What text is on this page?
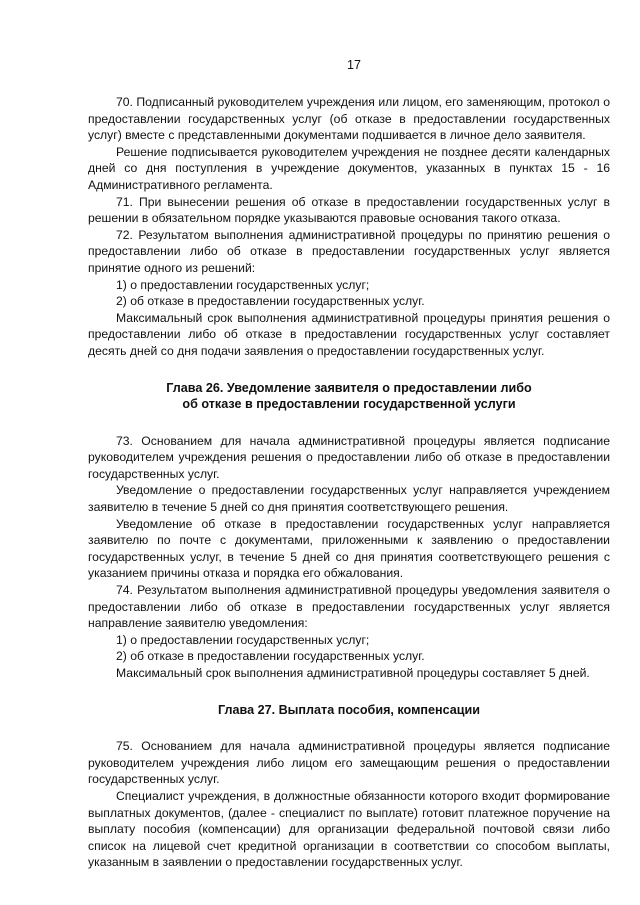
17

70. Подписанный руководителем учреждения или лицом, его заменяющим, протокол о предоставлении государственных услуг (об отказе в предоставлении государственных услуг) вместе с представленными документами подшивается в личное дело заявителя.

Решение подписывается руководителем учреждения не позднее десяти календарных дней со дня поступления в учреждение документов, указанных в пунктах 15 - 16 Административного регламента.

71. При вынесении решения об отказе в предоставлении государственных услуг в решении в обязательном порядке указываются правовые основания такого отказа.

72. Результатом выполнения административной процедуры по принятию решения о предоставлении либо об отказе в предоставлении государственных услуг является принятие одного из решений:

1) о предоставлении государственных услуг;

2) об отказе в предоставлении государственных услуг.

Максимальный срок выполнения административной процедуры принятия решения о предоставлении либо об отказе в предоставлении государственных услуг составляет десять дней со дня подачи заявления о предоставлении государственных услуг.

Глава 26. Уведомление заявителя о предоставлении либо
об отказе в предоставлении государственной услуги

73. Основанием для начала административной процедуры является подписание руководителем учреждения решения о предоставлении либо об отказе в предоставлении государственных услуг.

Уведомление о предоставлении государственных услуг направляется учреждением заявителю в течение 5 дней со дня принятия соответствующего решения.

Уведомление об отказе в предоставлении государственных услуг направляется заявителю по почте с документами, приложенными к заявлению о предоставлении государственных услуг, в течение 5 дней со дня принятия соответствующего решения с указанием причины отказа и порядка его обжалования.

74. Результатом выполнения административной процедуры уведомления заявителя о предоставлении либо об отказе в предоставлении государственных услуг является направление заявителю уведомления:

1) о предоставлении государственных услуг;

2) об отказе в предоставлении государственных услуг.

Максимальный срок выполнения административной процедуры составляет 5 дней.

Глава 27. Выплата пособия, компенсации

75. Основанием для начала административной процедуры является подписание руководителем учреждения либо лицом его замещающим решения о предоставлении государственных услуг.

Специалист учреждения, в должностные обязанности которого входит формирование выплатных документов, (далее - специалист по выплате) готовит платежное поручение на выплату пособия (компенсации) для организации федеральной почтовой связи либо список на лицевой счет кредитной организации в соответствии со способом выплаты, указанным в заявлении о предоставлении государственных услуг.
